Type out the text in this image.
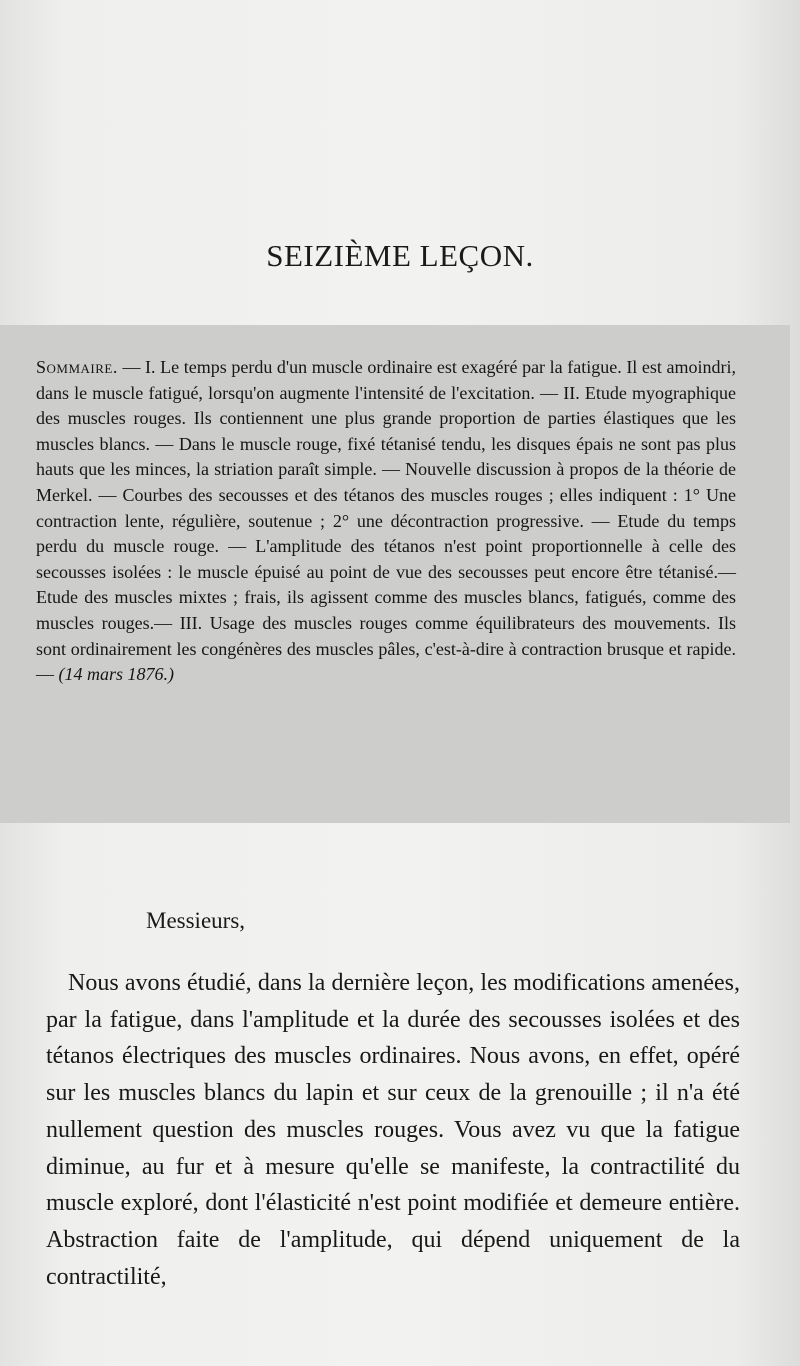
SEIZIÈME LEÇON.
Sommaire. — I. Le temps perdu d'un muscle ordinaire est exagéré par la fatigue. Il est amoindri, dans le muscle fatigué, lorsqu'on augmente l'intensité de l'excitation. — II. Etude myographique des muscles rouges. Ils contiennent une plus grande proportion de parties élastiques que les muscles blancs. — Dans le muscle rouge, fixé tétanisé tendu, les disques épais ne sont pas plus hauts que les minces, la striation paraît simple. — Nouvelle discussion à propos de la théorie de Merkel. — Courbes des secousses et des tétanos des muscles rouges ; elles indiquent : 1° Une contraction lente, régulière, soutenue ; 2° une décontraction progressive. — Etude du temps perdu du muscle rouge. — L'amplitude des tétanos n'est point proportionnelle à celle des secousses isolées : le muscle épuisé au point de vue des secousses peut encore être tétanisé.—Etude des muscles mixtes ; frais, ils agissent comme des muscles blancs, fatigués, comme des muscles rouges.— III. Usage des muscles rouges comme équilibrateurs des mouvements. Ils sont ordinairement les congénères des muscles pâles, c'est-à-dire à contraction brusque et rapide. — (14 mars 1876.)
Messieurs,
Nous avons étudié, dans la dernière leçon, les modifications amenées, par la fatigue, dans l'amplitude et la durée des secousses isolées et des tétanos électriques des muscles ordinaires. Nous avons, en effet, opéré sur les muscles blancs du lapin et sur ceux de la grenouille ; il n'a été nullement question des muscles rouges. Vous avez vu que la fatigue diminue, au fur et à mesure qu'elle se manifeste, la contractilité du muscle exploré, dont l'élasticité n'est point modifiée et demeure entière. Abstraction faite de l'amplitude, qui dépend uniquement de la contractilité,
